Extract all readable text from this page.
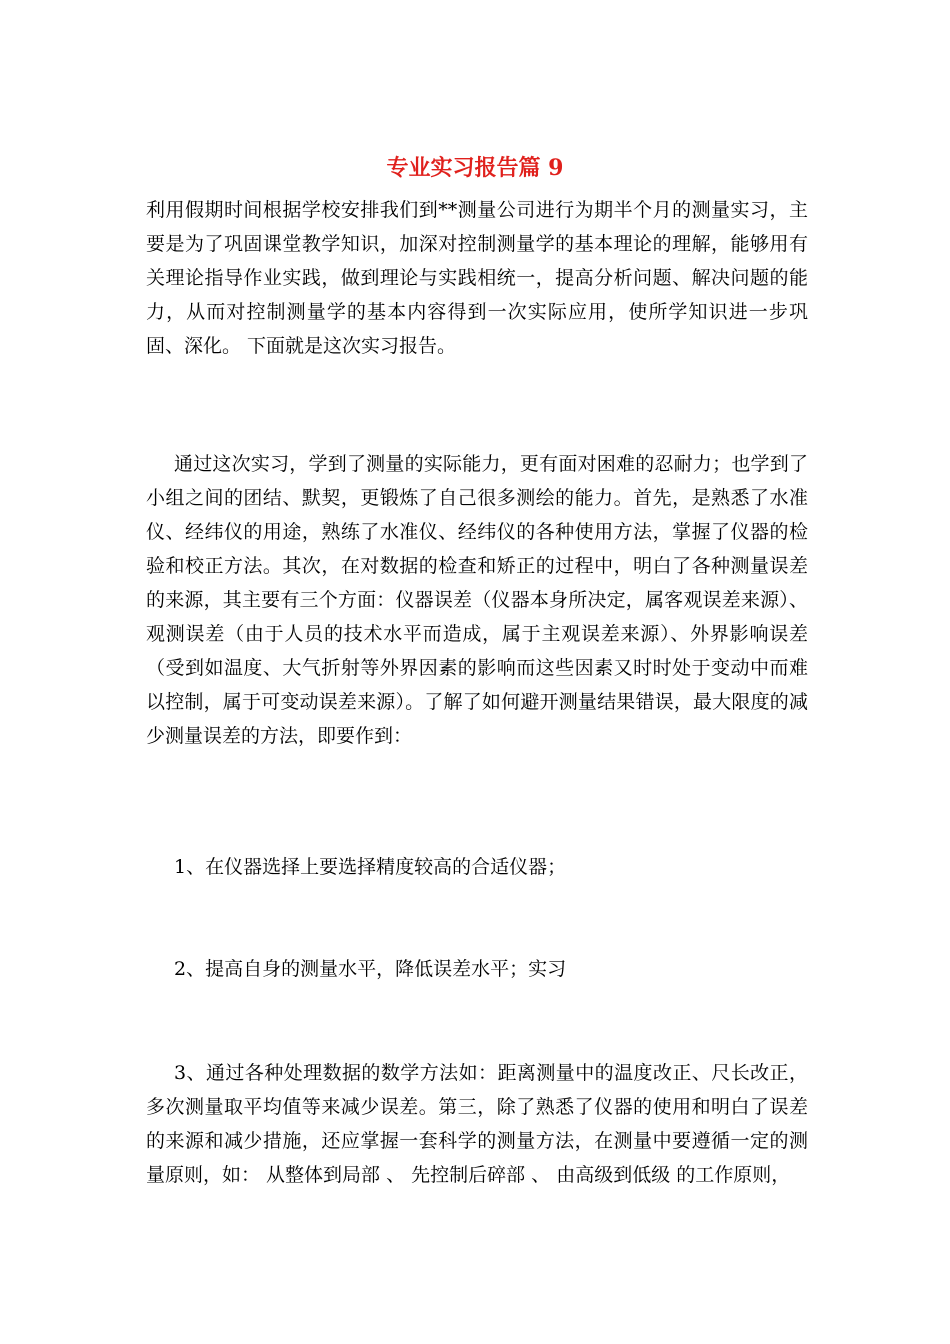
专业实习报告篇 9

利用假期时间根据学校安排我们到**测量公司进行为期半个月的测量实习，主要是为了巩固课堂教学知识，加深对控制测量学的基本理论的理解，能够用有关理论指导作业实践，做到理论与实践相统一，提高分析问题、解决问题的能力，从而对控制测量学的基本内容得到一次实际应用，使所学知识进一步巩固、深化。 下面就是这次实习报告。

通过这次实习，学到了测量的实际能力，更有面对困难的忍耐力；也学到了小组之间的团结、默契，更锻炼了自己很多测绘的能力。首先，是熟悉了水准仪、经纬仪的用途，熟练了水准仪、经纬仪的各种使用方法，掌握了仪器的检验和校正方法。其次，在对数据的检查和矫正的过程中，明白了各种测量误差的来源，其主要有三个方面：仪器误差（仪器本身所决定，属客观误差来源）、观测误差（由于人员的技术水平而造成，属于主观误差来源）、外界影响误差（受到如温度、大气折射等外界因素的影响而这些因素又时时处于变动中而难以控制，属于可变动误差来源）。了解了如何避开测量结果错误，最大限度的减少测量误差的方法，即要作到：

1、在仪器选择上要选择精度较高的合适仪器；

2、提高自身的测量水平，降低误差水平；实习

3、通过各种处理数据的数学方法如：距离测量中的温度改正、尺长改正，多次测量取平均值等来减少误差。第三，除了熟悉了仪器的使用和明白了误差的来源和减少措施，还应掌握一套科学的测量方法，在测量中要遵循一定的测量原则，如： 从整体到局部 、 先控制后碎部 、 由高级到低级 的工作原则，
